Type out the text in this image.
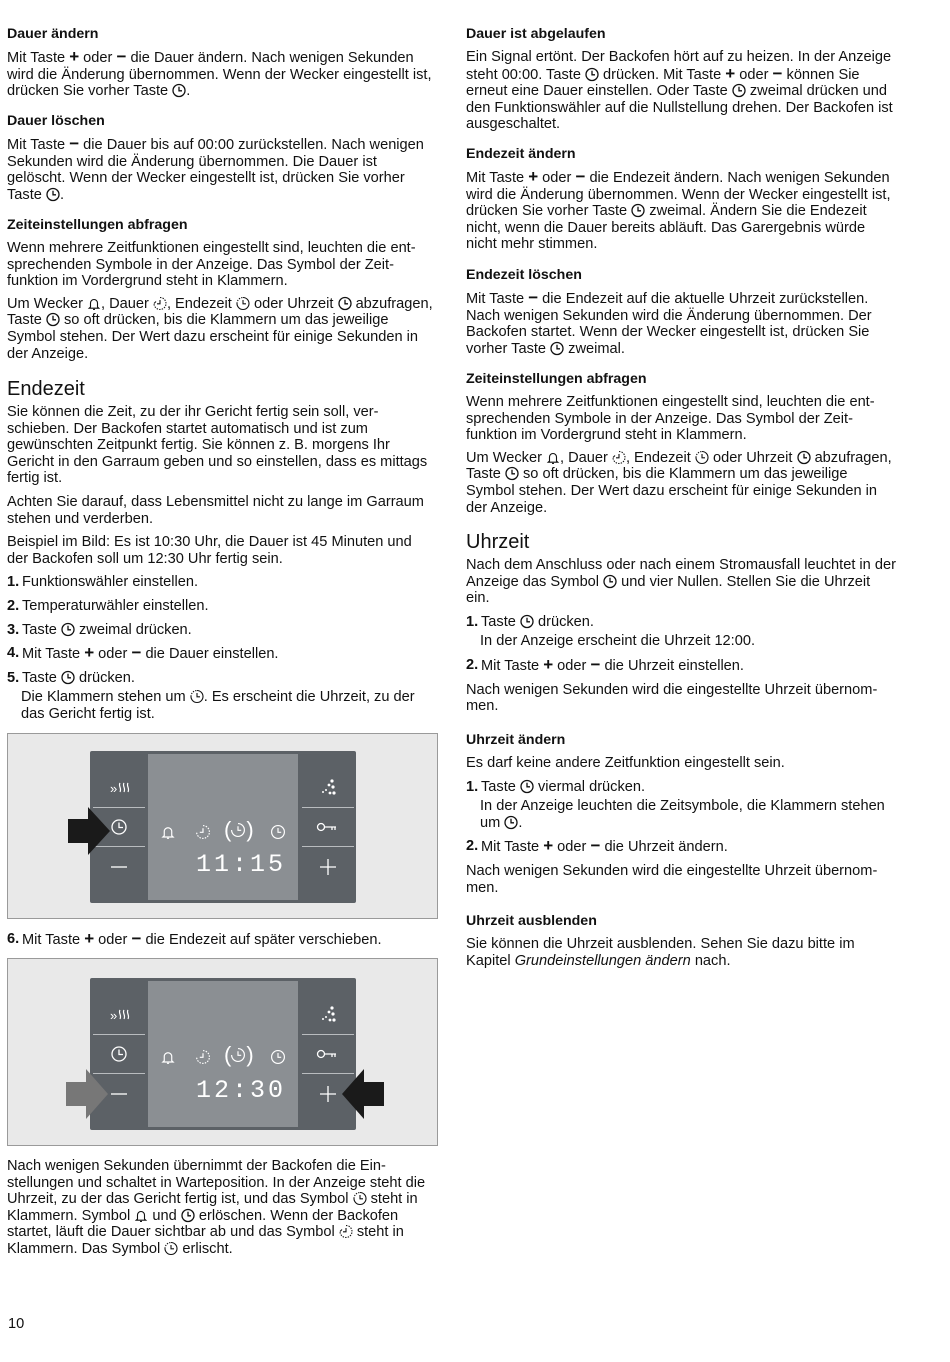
Dauer ändern

Mit Taste + oder − die Dauer ändern. Nach wenigen Sekunden wird die Änderung übernommen. Wenn der Wecker eingestellt ist, drücken Sie vorher Taste
.

Dauer löschen

Mit Taste − die Dauer bis auf 00:00 zurückstellen. Nach wenigen Sekunden wird die Änderung übernommen. Die Dauer ist gelöscht. Wenn der Wecker eingestellt ist, drücken Sie vorher Taste
.

Zeiteinstellungen abfragen

Wenn mehrere Zeitfunktionen eingestellt sind, leuchten die entsprechenden Symbole in der Anzeige. Das Symbol der Zeitfunktion im Vordergrund steht in Klammern.

Um Wecker
, Dauer
, Endezeit
oder Uhrzeit
abzufragen, Taste
so oft drücken, bis die Klammern um das jeweilige Symbol stehen. Der Wert dazu erscheint für einige Sekunden in der Anzeige.

Endezeit

Sie können die Zeit, zu der ihr Gericht fertig sein soll, verschieben. Der Backofen startet automatisch und ist zum gewünschten Zeitpunkt fertig. Sie können z. B. morgens Ihr Gericht in den Garraum geben und so einstellen, dass es mittags fertig ist.

Achten Sie darauf, dass Lebensmittel nicht zu lange im Garraum stehen und verderben.

Beispiel im Bild: Es ist 10:30 Uhr, die Dauer ist 45 Minuten und der Backofen soll um 12:30 Uhr fertig sein.

1. Funktionswähler einstellen.
2. Temperaturwähler einstellen.
3. Taste
zweimal drücken.
4. Mit Taste + oder − die Dauer einstellen.
5. Taste
drücken.

Die Klammern stehen um
. Es erscheint die Uhrzeit, zu der das Gericht fertig ist.

6. Mit Taste + oder − die Endezeit auf später verschieben.

Nach wenigen Sekunden übernimmt der Backofen die Einstellungen und schaltet in Warteposition. In der Anzeige steht die Uhrzeit, zu der das Gericht fertig ist, und das Symbol
steht in Klammern. Symbol
und
erlöschen. Wenn der Backofen startet, läuft die Dauer sichtbar ab und das Symbol
steht in Klammern. Das Symbol
erlischt.

( )
11:15
»
( )
12:30
»
Dauer ist abgelaufen

Ein Signal ertönt. Der Backofen hört auf zu heizen. In der Anzeige steht 00:00. Taste
drücken. Mit Taste + oder − können Sie erneut eine Dauer einstellen. Oder Taste
zweimal drücken und den Funktionswähler auf die Nullstellung drehen. Der Backofen ist ausgeschaltet.

Endezeit ändern

Mit Taste + oder − die Endezeit ändern. Nach wenigen Sekunden wird die Änderung übernommen. Wenn der Wecker eingestellt ist, drücken Sie vorher Taste
zweimal. Ändern Sie die Endezeit nicht, wenn die Dauer bereits abläuft. Das Garergebnis würde nicht mehr stimmen.

Endezeit löschen

Mit Taste − die Endezeit auf die aktuelle Uhrzeit zurückstellen. Nach wenigen Sekunden wird die Änderung übernommen. Der Backofen startet. Wenn der Wecker eingestellt ist, drücken Sie vorher Taste
zweimal.

Zeiteinstellungen abfragen

Wenn mehrere Zeitfunktionen eingestellt sind, leuchten die entsprechenden Symbole in der Anzeige. Das Symbol der Zeitfunktion im Vordergrund steht in Klammern.

Um Wecker
, Dauer
, Endezeit
oder Uhrzeit
abzufragen, Taste
so oft drücken, bis die Klammern um das jeweilige Symbol stehen. Der Wert dazu erscheint für einige Sekunden in der Anzeige.

Uhrzeit

Nach dem Anschluss oder nach einem Stromausfall leuchtet in der Anzeige das Symbol
und vier Nullen. Stellen Sie die Uhrzeit ein.

1. Taste
drücken.

In der Anzeige erscheint die Uhrzeit 12:00.

2. Mit Taste + oder − die Uhrzeit einstellen.

Nach wenigen Sekunden wird die eingestellte Uhrzeit übernommen.

Uhrzeit ändern

Es darf keine andere Zeitfunktion eingestellt sein.

1. Taste
viermal drücken.

In der Anzeige leuchten die Zeitsymbole, die Klammern stehen um
.

2. Mit Taste + oder − die Uhrzeit ändern.

Nach wenigen Sekunden wird die eingestellte Uhrzeit übernommen.

Uhrzeit ausblenden

Sie können die Uhrzeit ausblenden. Sehen Sie dazu bitte im Kapitel Grundeinstellungen ändern nach.

10
